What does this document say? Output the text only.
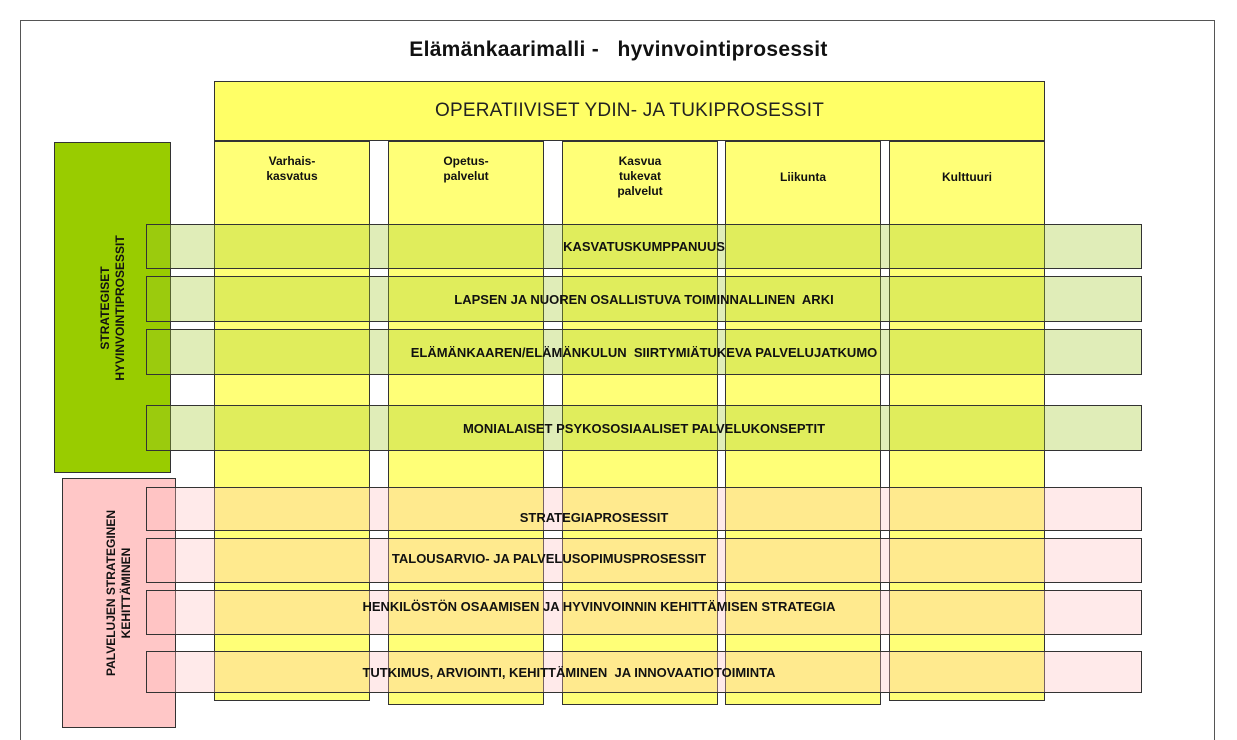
Elämänkaarimalli -   hyvinvointiprosessit
OPERATIIVISET YDIN- JA TUKIPROSESSIT
Varhais-
kasvatus
Opetus-
palvelut
Kasvua
tukevat
palvelut
Liikunta	Kulttuuri
STRATEGISET HYVINVOINTIPROSESSIT
PALVELUJEN STRATEGINEN KEHITTÄMINEN
KASVATUSKUMPPANUUS
LAPSEN JA NUOREN OSALLISTUVA TOIMINNALLINEN  ARKI
ELÄMÄNKAAREN/ELÄMÄNKULUN  SIIRTYMIÄTUKEVA PALVELUJATKUMO
MONIALAISET PSYKOSOSIAALISET PALVELUKONSEPTIT
STRATEGIAPROSESSIT
TALOUSARVIO- JA PALVELUSOPIMUSPROSESSIT
HENKILÖSTÖN OSAAMISEN JA HYVINVOINNIN KEHITTÄMISEN STRATEGIA
TUTKIMUS, ARVIOINTI, KEHITTÄMINEN  JA INNOVAATIOTOIMINTA
